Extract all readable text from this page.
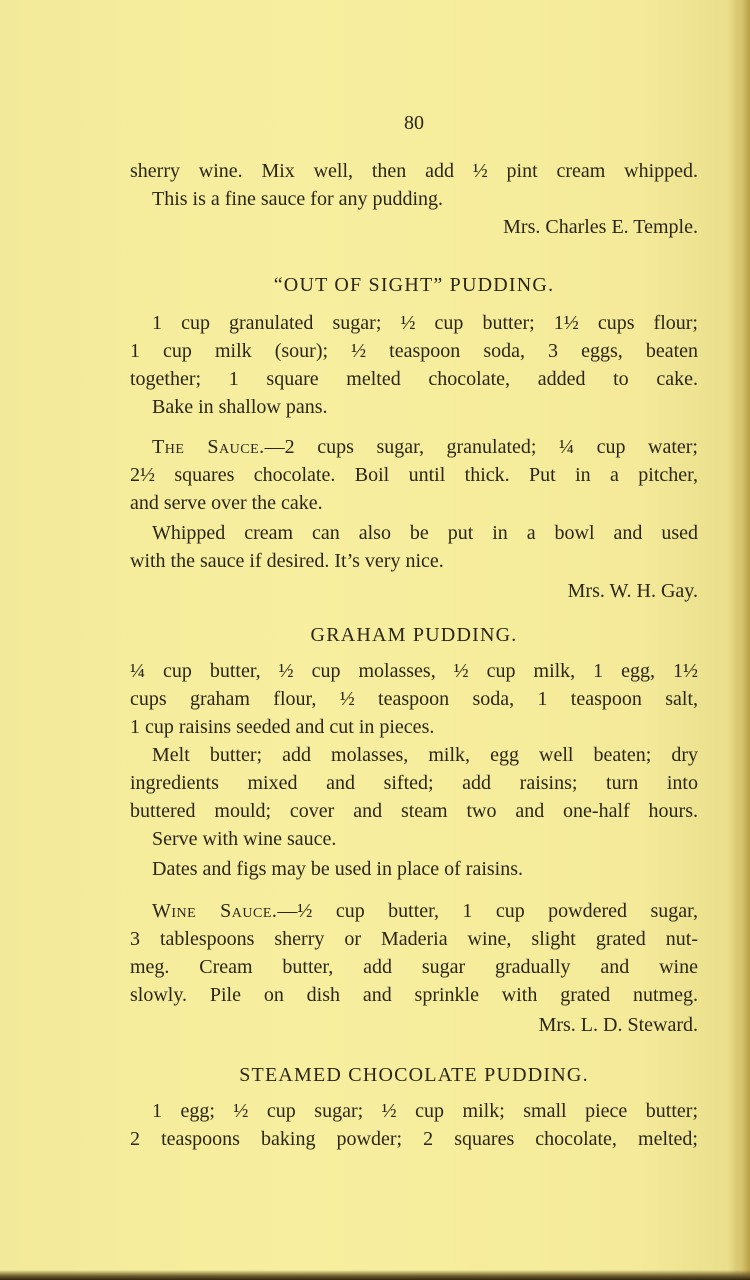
80
sherry wine. Mix well, then add ½ pint cream whipped.
This is a fine sauce for any pudding.
Mrs. Charles E. Temple.
“OUT OF SIGHT” PUDDING.
1 cup granulated sugar; ½ cup butter; 1½ cups flour;
1 cup milk (sour); ½ teaspoon soda, 3 eggs, beaten
together; 1 square melted chocolate, added to cake.
Bake in shallow pans.
The Sauce.—2 cups sugar, granulated; ¼ cup water;
2½ squares chocolate. Boil until thick. Put in a pitcher,
and serve over the cake.
Whipped cream can also be put in a bowl and used
with the sauce if desired. It’s very nice.
Mrs. W. H. Gay.
GRAHAM PUDDING.
¼ cup butter, ½ cup molasses, ½ cup milk, 1 egg, 1½
cups graham flour, ½ teaspoon soda, 1 teaspoon salt,
1 cup raisins seeded and cut in pieces.
Melt butter; add molasses, milk, egg well beaten; dry
ingredients mixed and sifted; add raisins; turn into
buttered mould; cover and steam two and one-half hours.
Serve with wine sauce.
Dates and figs may be used in place of raisins.
Wine Sauce.—½ cup butter, 1 cup powdered sugar,
3 tablespoons sherry or Maderia wine, slight grated nut-
meg. Cream butter, add sugar gradually and wine
slowly. Pile on dish and sprinkle with grated nutmeg.
Mrs. L. D. Steward.
STEAMED CHOCOLATE PUDDING.
1 egg; ½ cup sugar; ½ cup milk; small piece butter;
2 teaspoons baking powder; 2 squares chocolate, melted;
